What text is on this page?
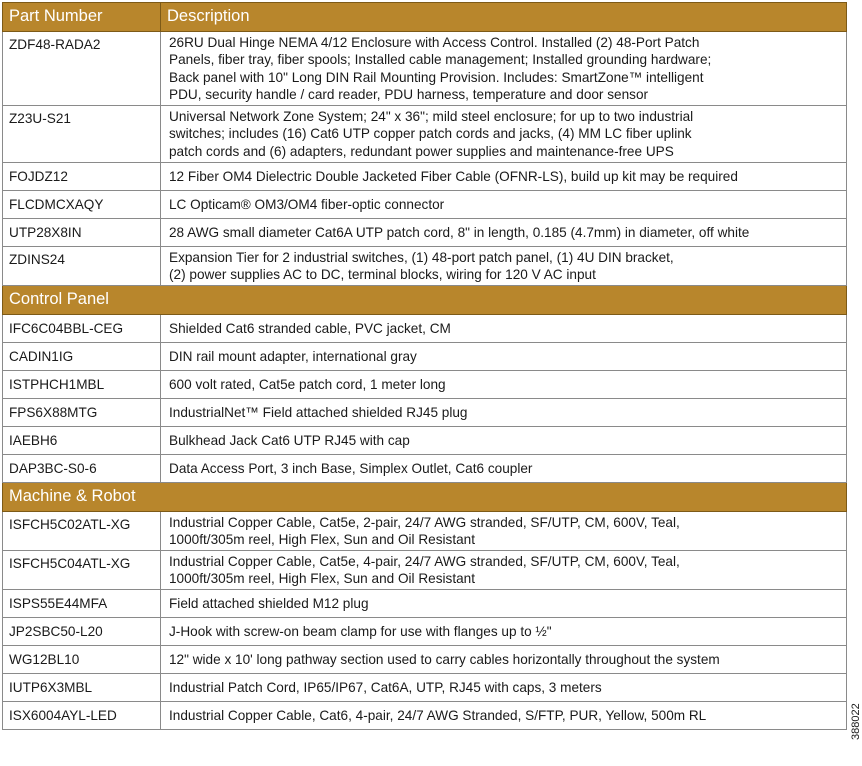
Part Number	Description
ZDF48-RADA2	26RU Dual Hinge NEMA 4/12 Enclosure with Access Control. Installed (2) 48-Port Patch
Panels, fiber tray, fiber spools; Installed cable management; Installed grounding hardware;
Back panel with 10" Long DIN Rail Mounting Provision. Includes: SmartZone™ intelligent
PDU, security handle / card reader, PDU harness, temperature and door sensor

Z23U-S21	Universal Network Zone System; 24" x 36"; mild steel enclosure; for up to two industrial
switches; includes (16) Cat6 UTP copper patch cords and jacks, (4) MM LC fiber uplink
patch cords and (6) adapters, redundant power supplies and maintenance-free UPS

FOJDZ12	12 Fiber OM4 Dielectric Double Jacketed Fiber Cable (OFNR-LS), build up kit may be required

FLCDMCXAQY	LC Opticam® OM3/OM4 fiber-optic connector

UTP28X8IN	28 AWG small diameter Cat6A UTP patch cord, 8" in length, 0.185 (4.7mm) in diameter, off white

ZDINS24	Expansion Tier for 2 industrial switches, (1) 48-port patch panel, (1) 4U DIN bracket,
(2) power supplies AC to DC, terminal blocks, wiring for 120 V AC input

Control Panel	
IFC6C04BBL-CEG	Shielded Cat6 stranded cable, PVC jacket, CM

CADIN1IG	DIN rail mount adapter, international gray

ISTPHCH1MBL	600 volt rated, Cat5e patch cord, 1 meter long

FPS6X88MTG	IndustrialNet™ Field attached shielded RJ45 plug

IAEBH6	Bulkhead Jack Cat6 UTP RJ45 with cap

DAP3BC-S0-6	Data Access Port, 3 inch Base, Simplex Outlet, Cat6 coupler

Machine & Robot	
ISFCH5C02ATL-XG	Industrial Copper Cable, Cat5e, 2-pair, 24/7 AWG stranded, SF/UTP, CM, 600V, Teal,
1000ft/305m reel, High Flex, Sun and Oil Resistant

ISFCH5C04ATL-XG	Industrial Copper Cable, Cat5e, 4-pair, 24/7 AWG stranded, SF/UTP, CM, 600V, Teal,
1000ft/305m reel, High Flex, Sun and Oil Resistant

ISPS55E44MFA	Field attached shielded M12 plug

JP2SBC50-L20	J-Hook with screw-on beam clamp for use with flanges up to ½"

WG12BL10	12" wide x 10' long pathway section used to carry cables horizontally throughout the system

IUTP6X3MBL	Industrial Patch Cord, IP65/IP67, Cat6A, UTP, RJ45 with caps, 3 meters

ISX6004AYL-LED	Industrial Copper Cable, Cat6, 4-pair, 24/7 AWG Stranded, S/FTP, PUR, Yellow, 500m RL	388022
